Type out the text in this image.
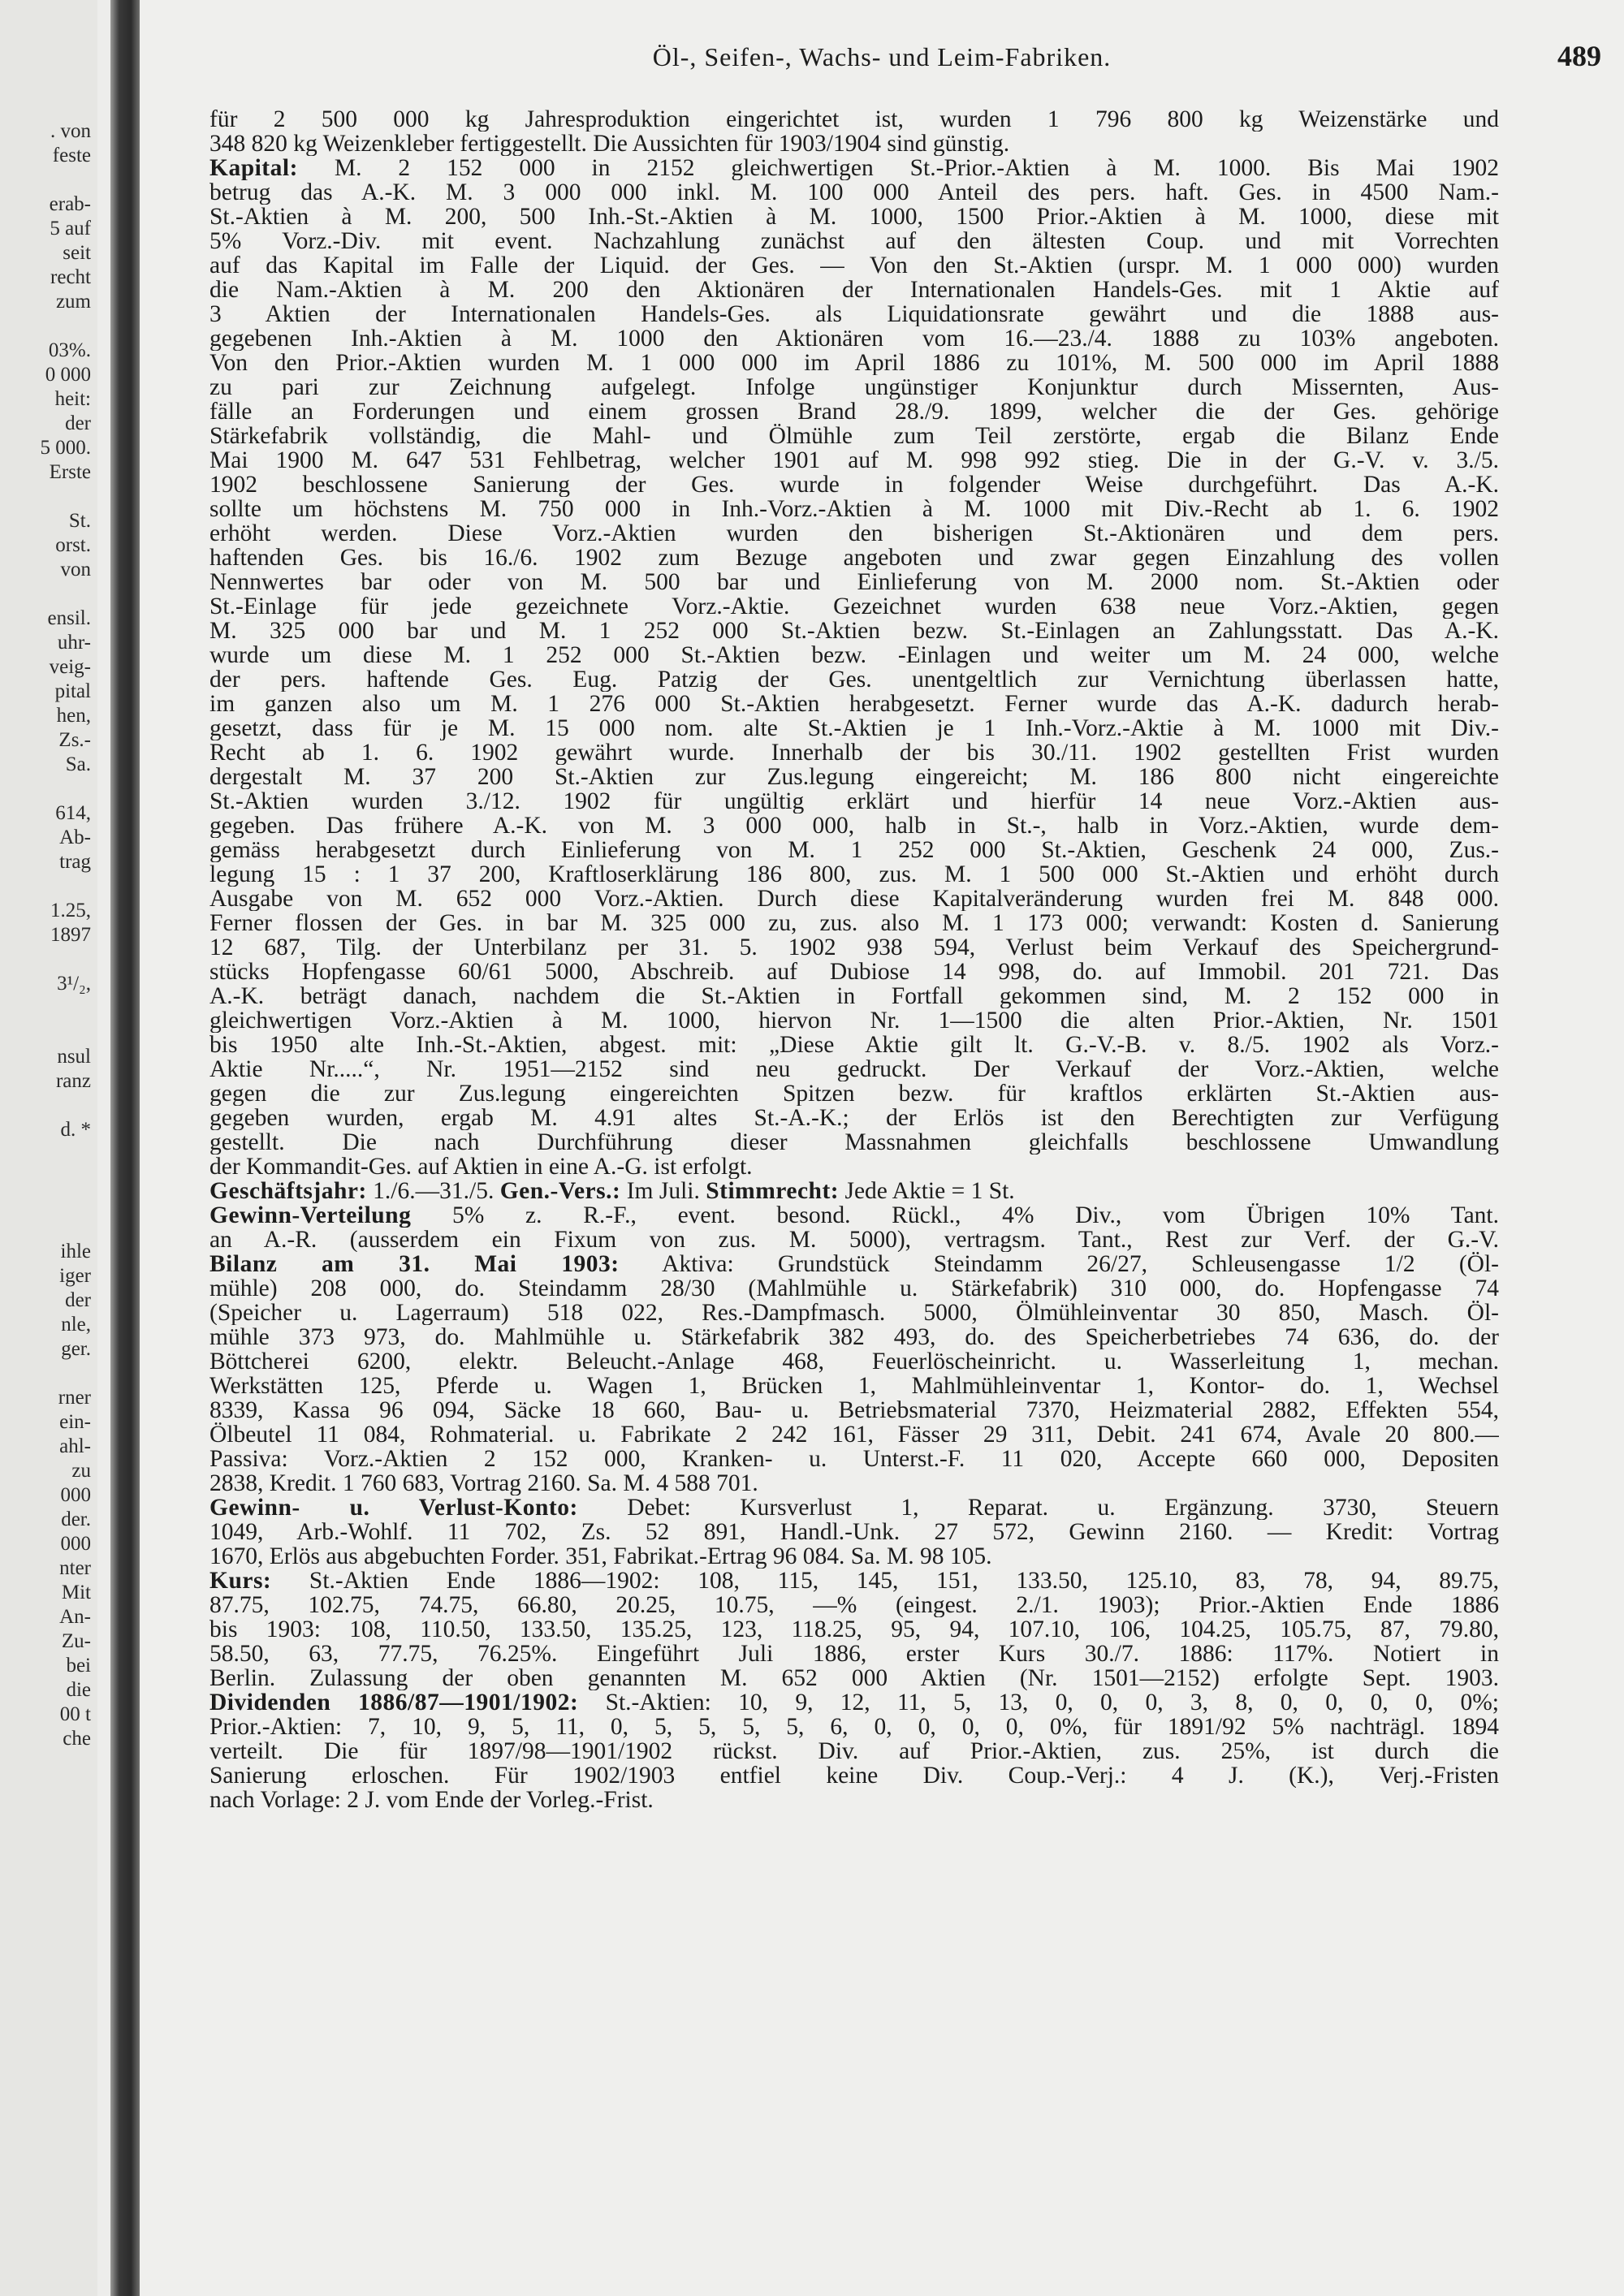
. von
feste
erab-
5 auf
seit
recht
zum
03%.
0 000
heit:
der
5 000.
Erste
St.
orst.
von
ensil.
uhr-
veig-
pital
hen,
Zs.-
Sa.
614,
Ab-
trag
1.25,
1897
3¹/₂,
nsul
ranz
d. *
ihle
iger
der
nle,
ger.
rner
ein-
ahl-
zu
000
der.
000
nter
Mit
An-
Zu-
bei
die
00 t
che
Öl-, Seifen-, Wachs- und Leim-Fabriken.	489
für 2 500 000 kg Jahresproduktion eingerichtet ist, wurden 1 796 800 kg Weizenstärke und
348 820 kg Weizenkleber fertiggestellt. Die Aussichten für 1903/1904 sind günstig.
Kapital: M. 2 152 000 in 2152 gleichwertigen St.-Prior.-Aktien à M. 1000. Bis Mai 1902
betrug das A.-K. M. 3 000 000 inkl. M. 100 000 Anteil des pers. haft. Ges. in 4500 Nam.-
St.-Aktien à M. 200, 500 Inh.-St.-Aktien à M. 1000, 1500 Prior.-Aktien à M. 1000, diese mit
5% Vorz.-Div. mit event. Nachzahlung zunächst auf den ältesten Coup. und mit Vorrechten
auf das Kapital im Falle der Liquid. der Ges. — Von den St.-Aktien (urspr. M. 1 000 000) wurden
die Nam.-Aktien à M. 200 den Aktionären der Internationalen Handels-Ges. mit 1 Aktie auf
3 Aktien der Internationalen Handels-Ges. als Liquidationsrate gewährt und die 1888 aus-
gegebenen Inh.-Aktien à M. 1000 den Aktionären vom 16.—23./4. 1888 zu 103% angeboten.
Von den Prior.-Aktien wurden M. 1 000 000 im April 1886 zu 101%, M. 500 000 im April 1888
zu pari zur Zeichnung aufgelegt. Infolge ungünstiger Konjunktur durch Missernten, Aus-
fälle an Forderungen und einem grossen Brand 28./9. 1899, welcher die der Ges. gehörige
Stärkefabrik vollständig, die Mahl- und Ölmühle zum Teil zerstörte, ergab die Bilanz Ende
Mai 1900 M. 647 531 Fehlbetrag, welcher 1901 auf M. 998 992 stieg. Die in der G.-V. v. 3./5.
1902 beschlossene Sanierung der Ges. wurde in folgender Weise durchgeführt. Das A.-K.
sollte um höchstens M. 750 000 in Inh.-Vorz.-Aktien à M. 1000 mit Div.-Recht ab 1. 6. 1902
erhöht werden. Diese Vorz.-Aktien wurden den bisherigen St.-Aktionären und dem pers.
haftenden Ges. bis 16./6. 1902 zum Bezuge angeboten und zwar gegen Einzahlung des vollen
Nennwertes bar oder von M. 500 bar und Einlieferung von M. 2000 nom. St.-Aktien oder
St.-Einlage für jede gezeichnete Vorz.-Aktie. Gezeichnet wurden 638 neue Vorz.-Aktien, gegen
M. 325 000 bar und M. 1 252 000 St.-Aktien bezw. St.-Einlagen an Zahlungsstatt. Das A.-K.
wurde um diese M. 1 252 000 St.-Aktien bezw. -Einlagen und weiter um M. 24 000, welche
der pers. haftende Ges. Eug. Patzig der Ges. unentgeltlich zur Vernichtung überlassen hatte,
im ganzen also um M. 1 276 000 St.-Aktien herabgesetzt. Ferner wurde das A.-K. dadurch herab-
gesetzt, dass für je M. 15 000 nom. alte St.-Aktien je 1 Inh.-Vorz.-Aktie à M. 1000 mit Div.-
Recht ab 1. 6. 1902 gewährt wurde. Innerhalb der bis 30./11. 1902 gestellten Frist wurden
dergestalt M. 37 200 St.-Aktien zur Zus.legung eingereicht; M. 186 800 nicht eingereichte
St.-Aktien wurden 3./12. 1902 für ungültig erklärt und hierfür 14 neue Vorz.-Aktien aus-
gegeben. Das frühere A.-K. von M. 3 000 000, halb in St.-, halb in Vorz.-Aktien, wurde dem-
gemäss herabgesetzt durch Einlieferung von M. 1 252 000 St.-Aktien, Geschenk 24 000, Zus.-
legung 15 : 1 37 200, Kraftloserklärung 186 800, zus. M. 1 500 000 St.-Aktien und erhöht durch
Ausgabe von M. 652 000 Vorz.-Aktien. Durch diese Kapitalveränderung wurden frei M. 848 000.
Ferner flossen der Ges. in bar M. 325 000 zu, zus. also M. 1 173 000; verwandt: Kosten d. Sanierung
12 687, Tilg. der Unterbilanz per 31. 5. 1902 938 594, Verlust beim Verkauf des Speichergrund-
stücks Hopfengasse 60/61 5000, Abschreib. auf Dubiose 14 998, do. auf Immobil. 201 721. Das
A.-K. beträgt danach, nachdem die St.-Aktien in Fortfall gekommen sind, M. 2 152 000 in
gleichwertigen Vorz.-Aktien à M. 1000, hiervon Nr. 1—1500 die alten Prior.-Aktien, Nr. 1501
bis 1950 alte Inh.-St.-Aktien, abgest. mit: „Diese Aktie gilt lt. G.-V.-B. v. 8./5. 1902 als Vorz.-
Aktie Nr.....“, Nr. 1951—2152 sind neu gedruckt. Der Verkauf der Vorz.-Aktien, welche
gegen die zur Zus.legung eingereichten Spitzen bezw. für kraftlos erklärten St.-Aktien aus-
gegeben wurden, ergab M. 4.91 altes St.-A.-K.; der Erlös ist den Berechtigten zur Verfügung
gestellt. Die nach Durchführung dieser Massnahmen gleichfalls beschlossene Umwandlung
der Kommandit-Ges. auf Aktien in eine A.-G. ist erfolgt.
Geschäftsjahr: 1./6.—31./5. Gen.-Vers.: Im Juli. Stimmrecht: Jede Aktie = 1 St.
Gewinn-Verteilung 5% z. R.-F., event. besond. Rückl., 4% Div., vom Übrigen 10% Tant.
an A.-R. (ausserdem ein Fixum von zus. M. 5000), vertragsm. Tant., Rest zur Verf. der G.-V.
Bilanz am 31. Mai 1903: Aktiva: Grundstück Steindamm 26/27, Schleusengasse 1/2 (Öl-
mühle) 208 000, do. Steindamm 28/30 (Mahlmühle u. Stärkefabrik) 310 000, do. Hopfengasse 74
(Speicher u. Lagerraum) 518 022, Res.-Dampfmasch. 5000, Ölmühleinventar 30 850, Masch. Öl-
mühle 373 973, do. Mahlmühle u. Stärkefabrik 382 493, do. des Speicherbetriebes 74 636, do. der
Böttcherei 6200, elektr. Beleucht.-Anlage 468, Feuerlöscheinricht. u. Wasserleitung 1, mechan.
Werkstätten 125, Pferde u. Wagen 1, Brücken 1, Mahlmühleinventar 1, Kontor- do. 1, Wechsel
8339, Kassa 96 094, Säcke 18 660, Bau- u. Betriebsmaterial 7370, Heizmaterial 2882, Effekten 554,
Ölbeutel 11 084, Rohmaterial. u. Fabrikate 2 242 161, Fässer 29 311, Debit. 241 674, Avale 20 800.—
Passiva: Vorz.-Aktien 2 152 000, Kranken- u. Unterst.-F. 11 020, Accepte 660 000, Depositen
2838, Kredit. 1 760 683, Vortrag 2160. Sa. M. 4 588 701.
Gewinn- u. Verlust-Konto: Debet: Kursverlust 1, Reparat. u. Ergänzung. 3730, Steuern
1049, Arb.-Wohlf. 11 702, Zs. 52 891, Handl.-Unk. 27 572, Gewinn 2160. — Kredit: Vortrag
1670, Erlös aus abgebuchten Forder. 351, Fabrikat.-Ertrag 96 084. Sa. M. 98 105.
Kurs: St.-Aktien Ende 1886—1902: 108, 115, 145, 151, 133.50, 125.10, 83, 78, 94, 89.75,
87.75, 102.75, 74.75, 66.80, 20.25, 10.75, —% (eingest. 2./1. 1903); Prior.-Aktien Ende 1886
bis 1903: 108, 110.50, 133.50, 135.25, 123, 118.25, 95, 94, 107.10, 106, 104.25, 105.75, 87, 79.80,
58.50, 63, 77.75, 76.25%. Eingeführt Juli 1886, erster Kurs 30./7. 1886: 117%. Notiert in
Berlin. Zulassung der oben genannten M. 652 000 Aktien (Nr. 1501—2152) erfolgte Sept. 1903.
Dividenden 1886/87—1901/1902: St.-Aktien: 10, 9, 12, 11, 5, 13, 0, 0, 0, 3, 8, 0, 0, 0, 0, 0%;
Prior.-Aktien: 7, 10, 9, 5, 11, 0, 5, 5, 5, 5, 6, 0, 0, 0, 0, 0%, für 1891/92 5% nachträgl. 1894
verteilt. Die für 1897/98—1901/1902 rückst. Div. auf Prior.-Aktien, zus. 25%, ist durch die
Sanierung erloschen. Für 1902/1903 entfiel keine Div. Coup.-Verj.: 4 J. (K.), Verj.-Fristen
nach Vorlage: 2 J. vom Ende der Vorleg.-Frist.
